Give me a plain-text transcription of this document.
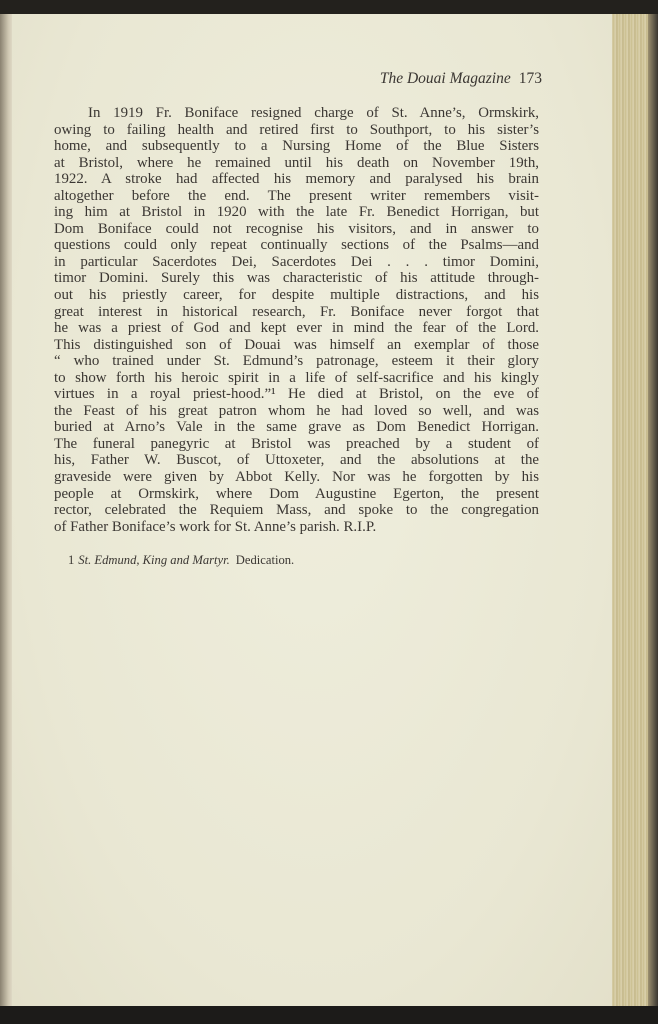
The Douai Magazine 173
In 1919 Fr. Boniface resigned charge of St. Anne’s, Ormskirk,
owing to failing health and retired first to Southport, to his sister’s
home, and subsequently to a Nursing Home of the Blue Sisters
at Bristol, where he remained until his death on November 19th,
1922. A stroke had affected his memory and paralysed his brain
altogether before the end. The present writer remembers visit-
ing him at Bristol in 1920 with the late Fr. Benedict Horrigan, but
Dom Boniface could not recognise his visitors, and in answer to
questions could only repeat continually sections of the Psalms—and
in particular Sacerdotes Dei, Sacerdotes Dei . . . timor Domini,
timor Domini. Surely this was characteristic of his attitude through-
out his priestly career, for despite multiple distractions, and his
great interest in historical research, Fr. Boniface never forgot that
he was a priest of God and kept ever in mind the fear of the Lord.
This distinguished son of Douai was himself an exemplar of those
“ who trained under St. Edmund’s patronage, esteem it their glory
to show forth his heroic spirit in a life of self-sacrifice and his kingly
virtues in a royal priest-hood.”¹ He died at Bristol, on the eve of
the Feast of his great patron whom he had loved so well, and was
buried at Arno’s Vale in the same grave as Dom Benedict Horrigan.
The funeral panegyric at Bristol was preached by a student of
his, Father W. Buscot, of Uttoxeter, and the absolutions at the
graveside were given by Abbot Kelly. Nor was he forgotten by his
people at Ormskirk, where Dom Augustine Egerton, the present
rector, celebrated the Requiem Mass, and spoke to the congregation
of Father Boniface’s work for St. Anne’s parish. R.I.P.
1 St. Edmund, King and Martyr. Dedication.
